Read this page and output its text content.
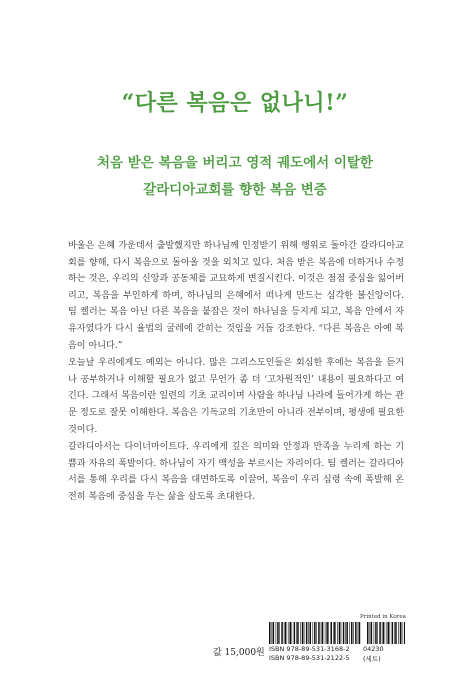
“다른 복음은 없나니!”
처음 받은 복음을 버리고 영적 궤도에서 이탈한
갈라디아교회를 향한 복음 변증

바울은 은혜 가운데서 출발했지만 하나님께 인정받기 위해 행위로 돌아간 갈라디아교회를 향해, 다시 복음으로 돌아올 것을 외치고 있다. 처음 받은 복음에 더하거나 수정하는 것은, 우리의 신앙과 공동체를 교묘하게 변질시킨다. 이것은 점점 중심을 잃어버리고, 복음을 부인하게 하며, 하나님의 은혜에서 떠나게 만드는 심각한 불신앙이다. 팀 켈러는 복음 아닌 다른 복음을 붙잡은 것이 하나님을 등지게 되고, 복음 안에서 자유자였다가 다시 율법의 굴레에 갇히는 것임을 거듭 강조한다. “다른 복음은 아예 복음이 아니다.”

오늘날 우리에게도 예외는 아니다. 많은 그리스도인들은 회심한 후에는 복음을 듣거나 공부하거나 이해할 필요가 없고 무언가 좀 더 ‘고차원적인’ 내용이 필요하다고 여긴다. 그래서 복음이란 일련의 기초 교리이며 사람을 하나님 나라에 들어가게 하는 관문 정도로 잘못 이해한다. 복음은 기독교의 기초만이 아니라 전부이며, 평생에 필요한 것이다.

갈라디아서는 다이너마이트다. 우리에게 깊은 의미와 안정과 만족을 누리게 하는 기쁨과 자유의 폭발이다. 하나님이 자기 백성을 부르시는 자리이다. 팀 켈러는 갈라디아서를 통해 우리를 다시 복음을 대면하도록 이끌어, 복음이 우리 심령 속에 폭발해 온전히 복음에 중심을 두는 삶을 살도록 초대한다.

값 15,000원
Printed in Korea
ISBN 978-89-531-3168-2
ISBN 978-89-531-2122-5
04230
(세트)
